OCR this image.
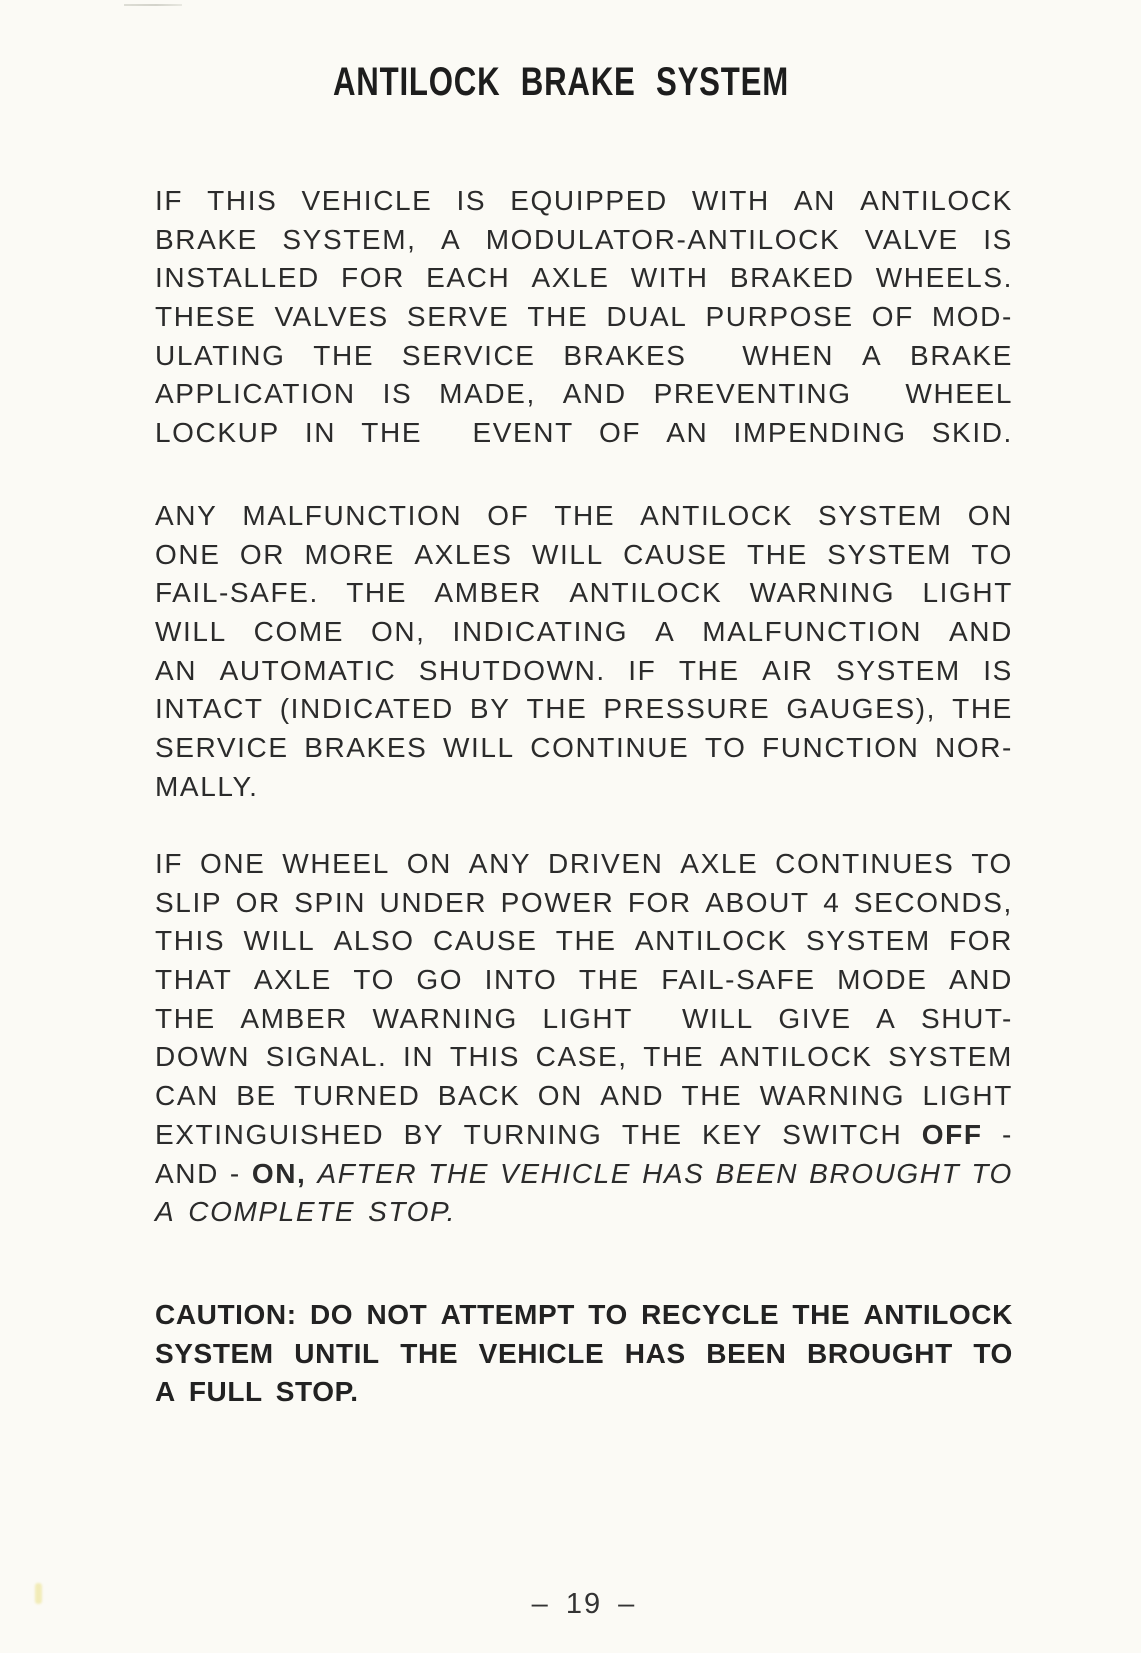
ANTILOCK BRAKE SYSTEM
IF THIS VEHICLE IS EQUIPPED WITH AN ANTILOCK
BRAKE SYSTEM, A MODULATOR-ANTILOCK VALVE IS
INSTALLED FOR EACH AXLE WITH BRAKED WHEELS.
THESE VALVES SERVE THE DUAL PURPOSE OF MOD-
ULATING THE SERVICE BRAKES WHEN A BRAKE
APPLICATION IS MADE, AND PREVENTING WHEEL
LOCKUP IN THE EVENT OF AN IMPENDING SKID.
ANY MALFUNCTION OF THE ANTILOCK SYSTEM ON
ONE OR MORE AXLES WILL CAUSE THE SYSTEM TO
FAIL-SAFE. THE AMBER ANTILOCK WARNING LIGHT
WILL COME ON, INDICATING A MALFUNCTION AND
AN AUTOMATIC SHUTDOWN. IF THE AIR SYSTEM IS
INTACT (INDICATED BY THE PRESSURE GAUGES), THE
SERVICE BRAKES WILL CONTINUE TO FUNCTION NOR-
MALLY.
IF ONE WHEEL ON ANY DRIVEN AXLE CONTINUES TO
SLIP OR SPIN UNDER POWER FOR ABOUT 4 SECONDS,
THIS WILL ALSO CAUSE THE ANTILOCK SYSTEM FOR
THAT AXLE TO GO INTO THE FAIL-SAFE MODE AND
THE AMBER WARNING LIGHT WILL GIVE A SHUT-
DOWN SIGNAL. IN THIS CASE, THE ANTILOCK SYSTEM
CAN BE TURNED BACK ON AND THE WARNING LIGHT
EXTINGUISHED BY TURNING THE KEY SWITCH OFF -
AND - ON, AFTER THE VEHICLE HAS BEEN BROUGHT TO
A COMPLETE STOP.
CAUTION: DO NOT ATTEMPT TO RECYCLE THE ANTILOCK
SYSTEM UNTIL THE VEHICLE HAS BEEN BROUGHT TO
A FULL STOP.
– 19 –
